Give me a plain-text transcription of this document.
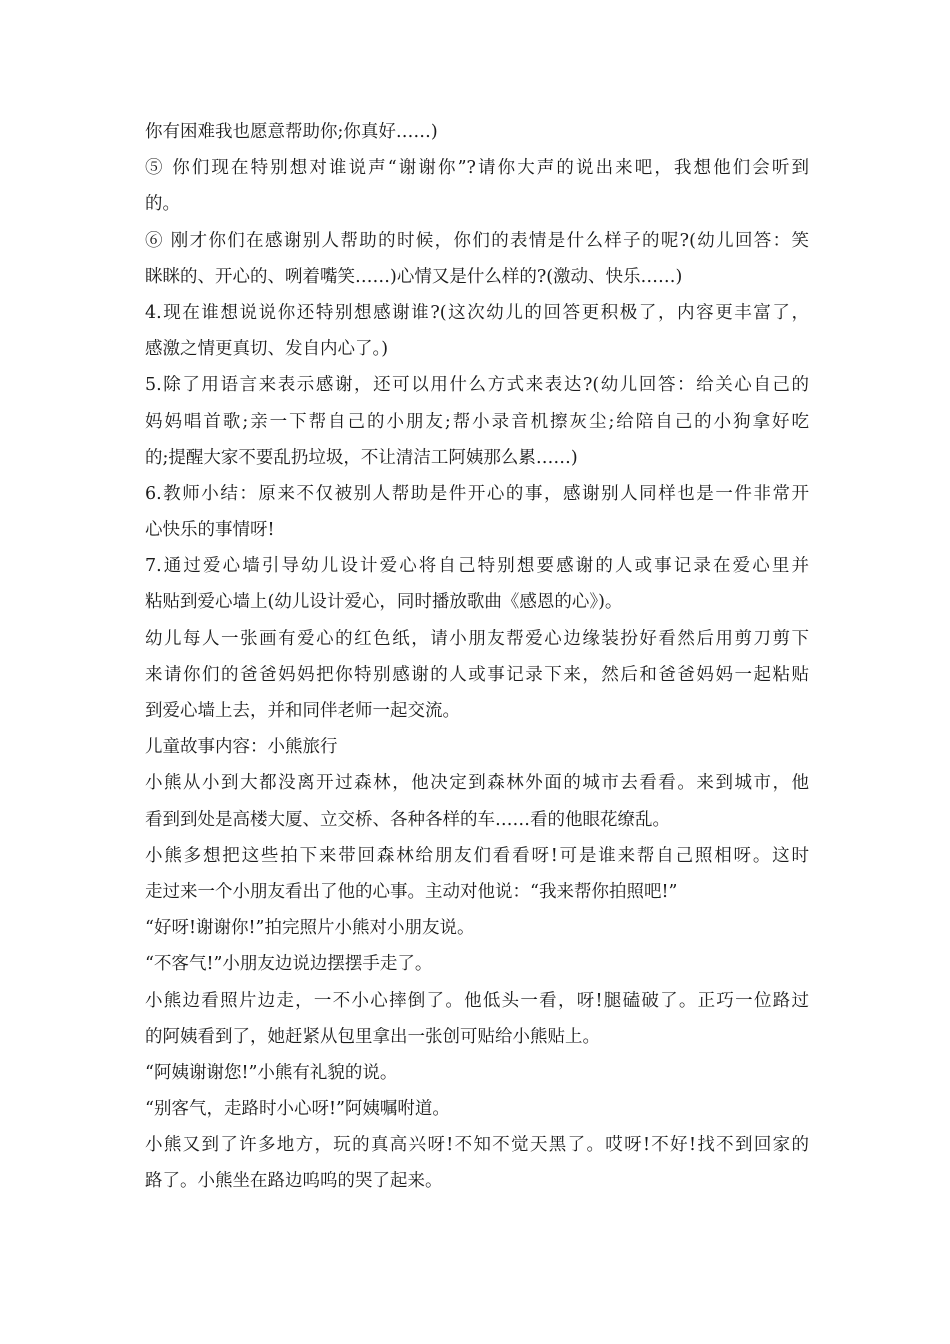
你有困难我也愿意帮助你;你真好……)
⑤ 你们现在特别想对谁说声“谢谢你”?请你大声的说出来吧，我想他们会听到
的。
⑥ 刚才你们在感谢别人帮助的时候，你们的表情是什么样子的呢?(幼儿回答：笑
眯眯的、开心的、咧着嘴笑……)心情又是什么样的?(激动、快乐……)
4.现在谁想说说你还特别想感谢谁?(这次幼儿的回答更积极了，内容更丰富了，
感激之情更真切、发自内心了。)
5.除了用语言来表示感谢，还可以用什么方式来表达?(幼儿回答：给关心自己的
妈妈唱首歌;亲一下帮自己的小朋友;帮小录音机擦灰尘;给陪自己的小狗拿好吃
的;提醒大家不要乱扔垃圾，不让清洁工阿姨那么累……)
6.教师小结：原来不仅被别人帮助是件开心的事，感谢别人同样也是一件非常开
心快乐的事情呀!
7.通过爱心墙引导幼儿设计爱心将自己特别想要感谢的人或事记录在爱心里并
粘贴到爱心墙上(幼儿设计爱心，同时播放歌曲《感恩的心》)。
幼儿每人一张画有爱心的红色纸，请小朋友帮爱心边缘装扮好看然后用剪刀剪下
来请你们的爸爸妈妈把你特别感谢的人或事记录下来，然后和爸爸妈妈一起粘贴
到爱心墙上去，并和同伴老师一起交流。
儿童故事内容：小熊旅行
小熊从小到大都没离开过森林，他决定到森林外面的城市去看看。来到城市，他
看到到处是高楼大厦、立交桥、各种各样的车……看的他眼花缭乱。
小熊多想把这些拍下来带回森林给朋友们看看呀!可是谁来帮自己照相呀。这时
走过来一个小朋友看出了他的心事。主动对他说：“我来帮你拍照吧!”
“好呀!谢谢你!”拍完照片小熊对小朋友说。
“不客气!”小朋友边说边摆摆手走了。
小熊边看照片边走，一不小心摔倒了。他低头一看，呀!腿磕破了。正巧一位路过
的阿姨看到了，她赶紧从包里拿出一张创可贴给小熊贴上。
“阿姨谢谢您!”小熊有礼貌的说。
“别客气，走路时小心呀!”阿姨嘱咐道。
小熊又到了许多地方，玩的真高兴呀!不知不觉天黑了。哎呀!不好!找不到回家的
路了。小熊坐在路边呜呜的哭了起来。
